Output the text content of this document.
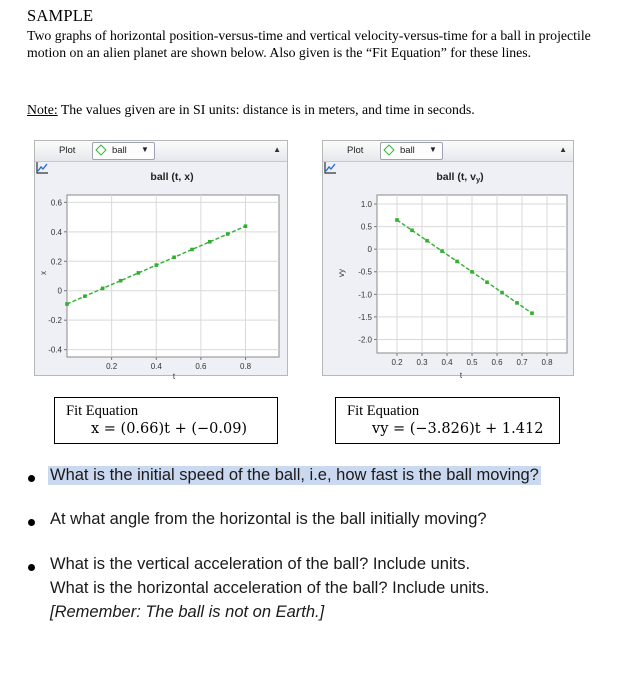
SAMPLE
Two graphs of horizontal position-versus-time and vertical velocity-versus-time for a ball in projectile motion on an alien planet are shown below. Also given is the “Fit Equation” for these lines.
Note: The values given are in SI units: distance is in meters, and time in seconds.
Plot	ball ▼	▲
0.6
0.4
0.2
0
-0.2
-0.4
0.2	0.4	0.6	0.8
ball (t, x)
x
t
Plot	ball ▼	▲
1.0
0.5
0
-0.5
-1.0
-1.5
-2.0
0.2 0.3 0.4 0.5 0.6 0.7 0.8
ball (t, vy)
vy
t
Fit Equation
x = (0.66)t + (−0.09)
Fit Equation
vy = (−3.826)t + 1.412
What is the initial speed of the ball, i.e, how fast is the ball moving?
At what angle from the horizontal is the ball initially moving?
What is the vertical acceleration of the ball? Include units.
What is the horizontal acceleration of the ball? Include units.
[Remember: The ball is not on Earth.]
